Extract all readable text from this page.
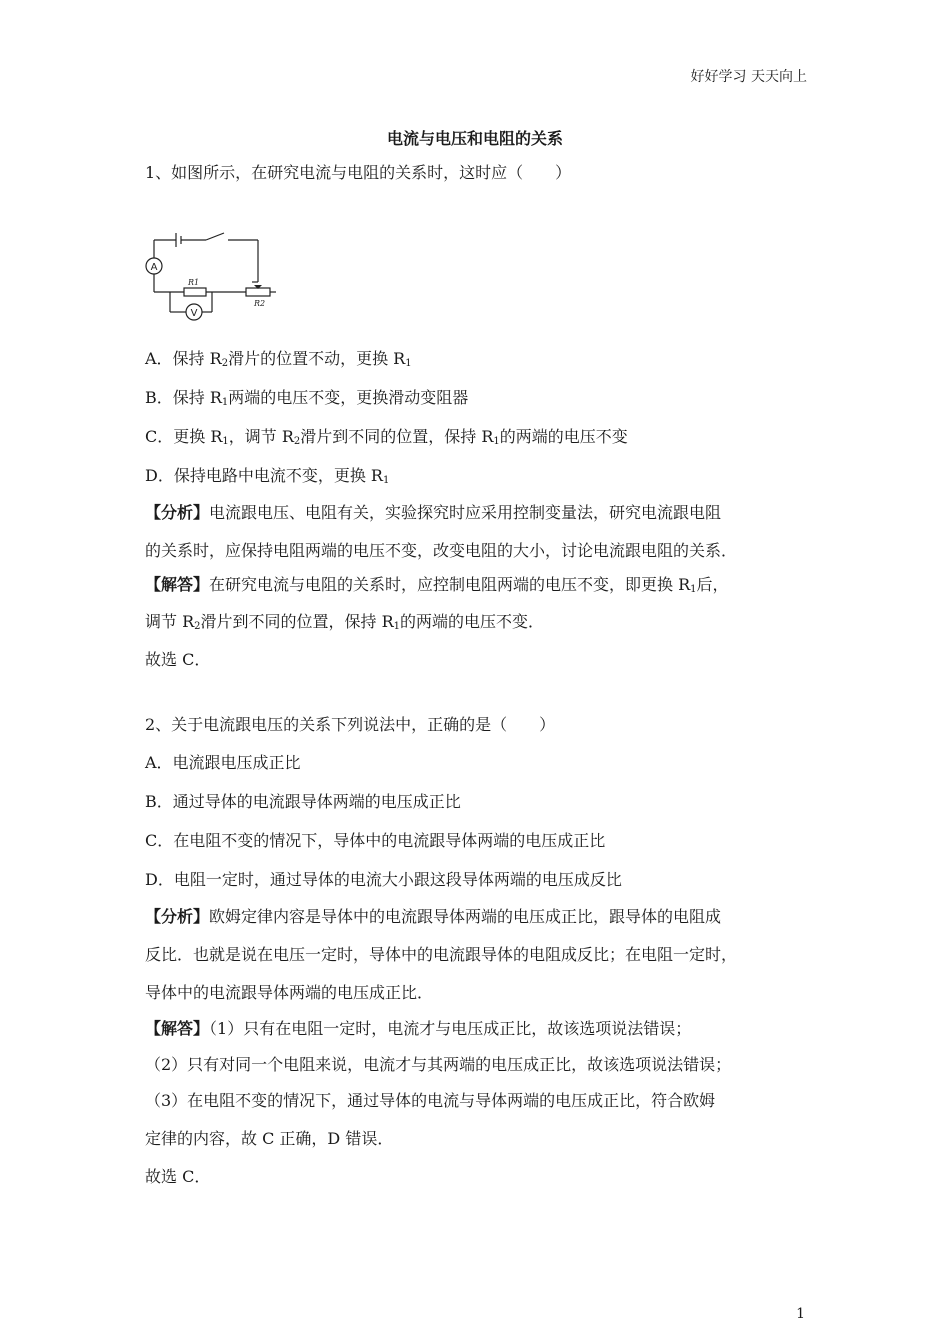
好好学习 天天向上
电流与电压和电阻的关系
1、如图所示，在研究电流与电阻的关系时，这时应（　　）
A
V
R1
R2
A．保持 $R_2$滑片的位置不动，更换 $R_1$
B．保持 $R_1$两端的电压不变，更换滑动变阻器
C．更换 $R_1$，调节 $R_2$滑片到不同的位置，保持 $R_1$的两端的电压不变
D．保持电路中电流不变，更换 $R_1$
【分析】电流跟电压、电阻有关，实验探究时应采用控制变量法，研究电流跟电阻
的关系时，应保持电阻两端的电压不变，改变电阻的大小，讨论电流跟电阻的关系．
【解答】在研究电流与电阻的关系时，应控制电阻两端的电压不变，即更换 $R_1$后，
调节 $R_2$滑片到不同的位置，保持 $R_1$的两端的电压不变．
故选 C．
2、关于电流跟电压的关系下列说法中，正确的是（　　）
A．电流跟电压成正比
B．通过导体的电流跟导体两端的电压成正比
C．在电阻不变的情况下，导体中的电流跟导体两端的电压成正比
D．电阻一定时，通过导体的电流大小跟这段导体两端的电压成反比
【分析】欧姆定律内容是导体中的电流跟导体两端的电压成正比，跟导体的电阻成
反比．也就是说在电压一定时，导体中的电流跟导体的电阻成反比；在电阻一定时，
导体中的电流跟导体两端的电压成正比．
【解答】（1）只有在电阻一定时，电流才与电压成正比，故该选项说法错误；
（2）只有对同一个电阻来说，电流才与其两端的电压成正比，故该选项说法错误；
（3）在电阻不变的情况下，通过导体的电流与导体两端的电压成正比，符合欧姆
定律的内容，故 C 正确，D 错误．
故选 C．
1
